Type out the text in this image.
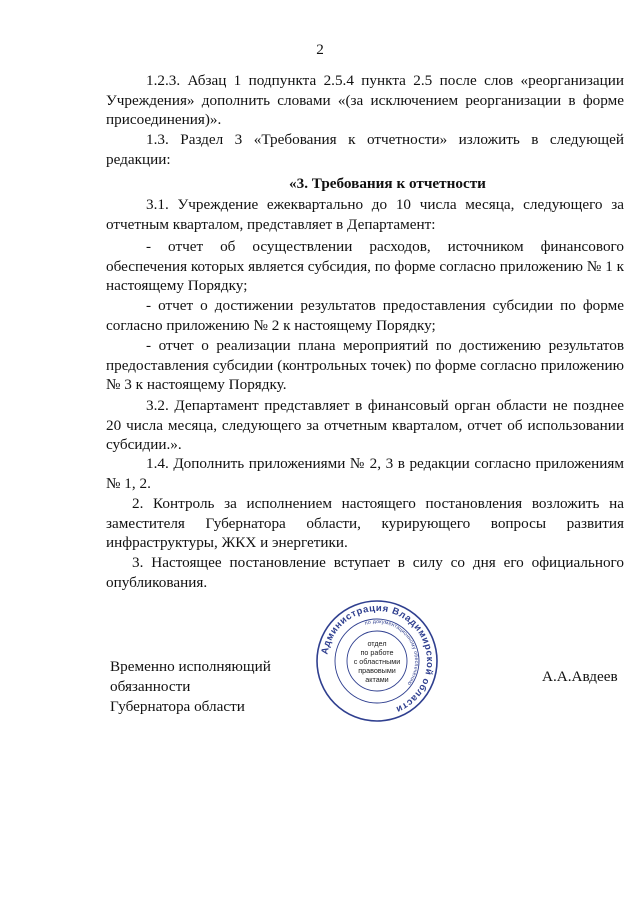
2
1.2.3. Абзац 1 подпункта 2.5.4 пункта 2.5 после слов «реорганизации Учреждения» дополнить словами «(за исключением реорганизации в форме присоединения)».
1.3. Раздел 3 «Требования к отчетности» изложить в следующей редакции:
«3. Требования к отчетности
3.1. Учреждение ежеквартально до 10 числа месяца, следующего за отчетным кварталом, представляет в Департамент:
- отчет об осуществлении расходов, источником финансового обеспечения которых является субсидия, по форме согласно приложению № 1 к настоящему Порядку;
- отчет о достижении результатов предоставления субсидии по форме согласно приложению № 2 к настоящему Порядку;
- отчет о реализации плана мероприятий по достижению результатов предоставления субсидии (контрольных точек) по форме согласно приложению № 3 к настоящему Порядку.
3.2. Департамент представляет в финансовый орган области не позднее 20 числа месяца, следующего за отчетным кварталом, отчет об использовании субсидии.».
1.4. Дополнить приложениями № 2, 3 в редакции согласно приложениям № 1, 2.
2. Контроль за исполнением настоящего постановления возложить на заместителя Губернатора области, курирующего вопросы развития инфраструктуры, ЖКХ и энергетики.
3. Настоящее постановление вступает в силу со дня его официального опубликования.
Временно исполняющий обязанности
Губернатора области
А.А.Авдеев
Администрация Владимирской области
по документационному обеспечению
отдел
по работе
с областными
правовыми
актами
